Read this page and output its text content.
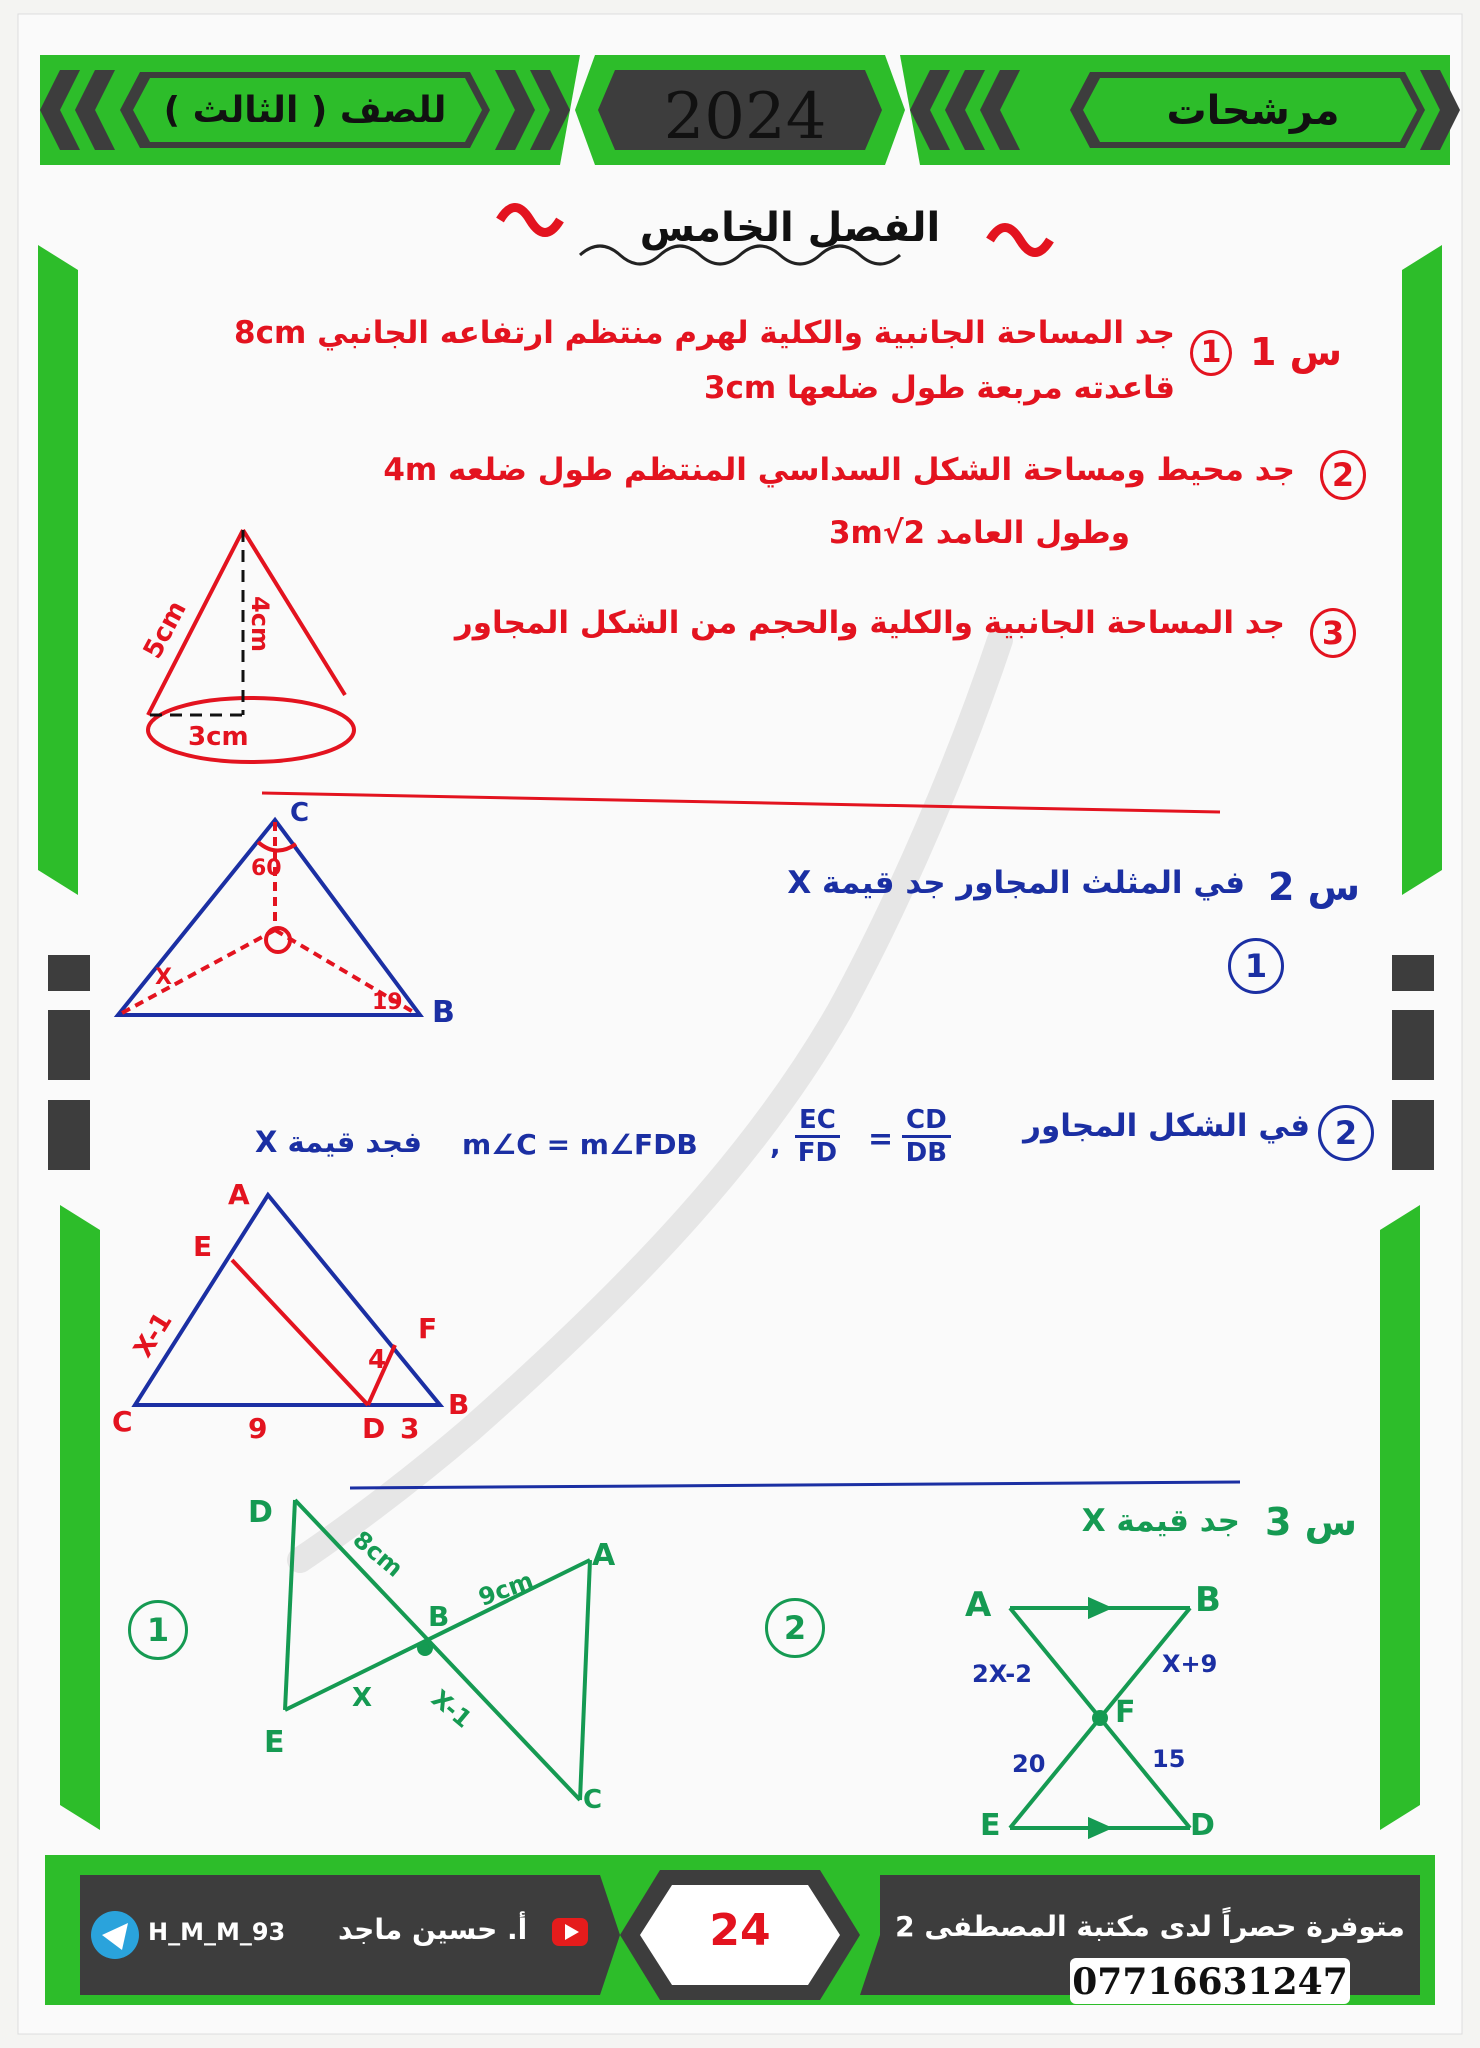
مرشحات
2024
للصف ( الثالث )
الفصل الخامس
س 1
1
جد المساحة الجانبية والكلية لهرم منتظم ارتفاعه الجانبي 8cm
قاعدته مربعة طول ضلعها 3cm
2
جد محيط ومساحة الشكل السداسي المنتظم طول ضلعه 4m
وطول العامد 2√3m
3
جد المساحة الجانبية والكلية والحجم من الشكل المجاور
5cm 4cm
3cm
س 2
في المثلث المجاور جد قيمة X
1
C
60
X
19 B
2
في الشكل المجاور
$\frac{CD}{DB}$
=
$\frac{EC}{FD}$
,
m∠C = m∠FDB
فجد قيمة X
A
E
X-1	F
4
C	9	D 3
B
س 3
جد قيمة X
1	2
D
8cm
B
9cm
A
X X-1
E
C
A	B
2X-2	X+9
F
20	15
E	D
H_M_M_93 أ. حسين ماجد	24	متوفرة حصراً لدى مكتبة المصطفى 2
07716631247
